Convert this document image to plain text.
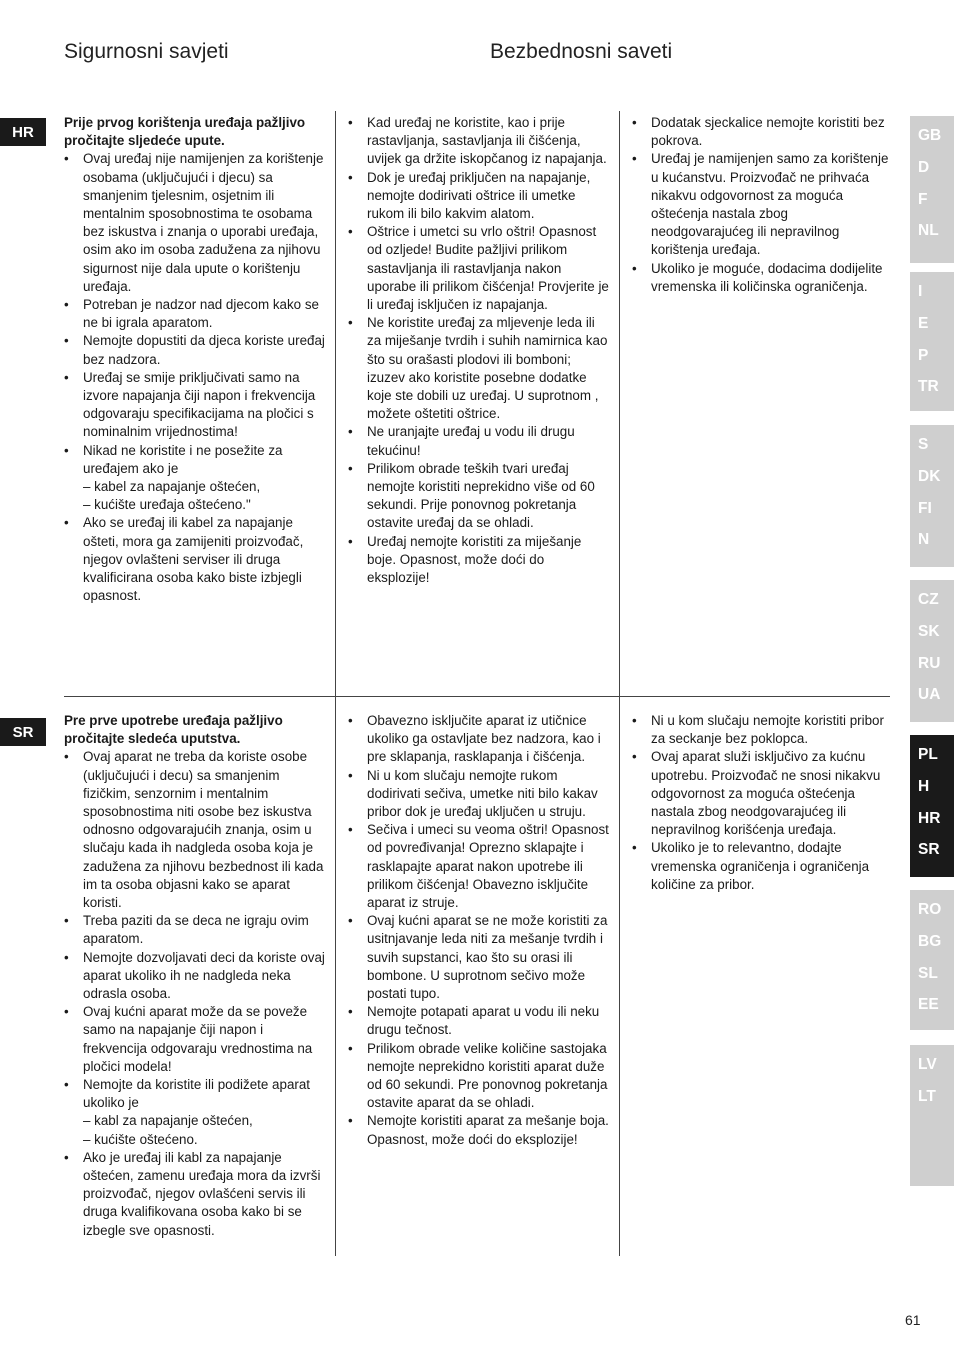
Sigurnosni savjeti	Bezbednosni saveti
HR

Prije prvog korištenja uređaja pažljivo pročitajte sljedeće upute.

• Ovaj uređaj nije namijenjen za korištenje osobama (uključujući i djecu) sa smanjenim tjelesnim, osjetnim ili mentalnim sposobnostima te osobama bez iskustva i znanja o uporabi uređaja, osim ako im osoba zadužena za njihovu sigurnost nije dala upute o korištenju uređaja.
• Potreban je nadzor nad djecom kako se ne bi igrala aparatom.
• Nemojte dopustiti da djeca koriste uređaj bez nadzora.
• Uređaj se smije priključivati samo na izvore napajanja čiji napon i frekvencija odgovaraju specifikacijama na pločici s nominalnim vrijednostima!
• Nikad ne koristite i ne posežite za uređajem ako je
– kabel za napajanje oštećen,
– kućište uređaja oštećeno."
• Ako se uređaj ili kabel za napajanje ošteti, mora ga zamijeniti proizvođač, njegov ovlašteni serviser ili druga kvalificirana osoba kako biste izbjegli opasnost.
• Kad uređaj ne koristite, kao i prije rastavljanja, sastavljanja ili čišćenja, uvijek ga držite iskopčanog iz napajanja.
• Dok je uređaj priključen na napajanje, nemojte dodirivati oštrice ili umetke rukom ili bilo kakvim alatom.
• Oštrice i umetci su vrlo oštri! Opasnost od ozljede! Budite pažljivi prilikom sastavljanja ili rastavljanja nakon uporabe ili prilikom čišćenja! Provjerite je li uređaj isključen iz napajanja.
• Ne koristite uređaj za mljevenje leda ili za miješanje tvrdih i suhih namirnica kao što su orašasti plodovi ili bomboni; izuzev ako koristite posebne dodatke koje ste dobili uz uređaj. U suprotnom , možete oštetiti oštrice.
• Ne uranjajte uređaj u vodu ili drugu tekućinu!
• Prilikom obrade teških tvari uređaj nemojte koristiti neprekidno više od 60 sekundi. Prije ponovnog pokretanja ostavite uređaj da se ohladi.
• Uređaj nemojte koristiti za miješanje boje. Opasnost, može doći do eksplozije!
• Dodatak sjeckalice nemojte koristiti bez pokrova.
• Uređaj je namijenjen samo za korištenje u kućanstvu. Proizvođač ne prihvaća nikakvu odgovornost za moguća oštećenja nastala zbog neodgovarajućeg ili nepravilnog korištenja uređaja.
• Ukoliko je moguće, dodacima dodijelite vremenska ili količinska ograničenja.
SR

Pre prve upotrebe uređaja pažljivo pročitajte sledeća uputstva.

• Ovaj aparat ne treba da koriste osobe (uključujući i decu) sa smanjenim fizičkim, senzornim i mentalnim sposobnostima niti osobe bez iskustva odnosno odgovarajućih znanja, osim u slučaju kada ih nadgleda osoba koja je zadužena za njihovu bezbednost ili kada im ta osoba objasni kako se aparat koristi.
• Treba paziti da se deca ne igraju ovim aparatom.
• Nemojte dozvoljavati deci da koriste ovaj aparat ukoliko ih ne nadgleda neka odrasla osoba.
• Ovaj kućni aparat može da se poveže samo na napajanje čiji napon i frekvencija odgovaraju vrednostima na pločici modela!
• Nemojte da koristite ili podižete aparat ukoliko je
– kabl za napajanje oštećen,
– kućište oštećeno.
• Ako je uređaj ili kabl za napajanje oštećen, zamenu uređaja mora da izvrši proizvođač, njegov ovlašćeni servis ili druga kvalifikovana osoba kako bi se izbegle sve opasnosti.
• Obavezno isključite aparat iz utičnice ukoliko ga ostavljate bez nadzora, kao i pre sklapanja, rasklapanja i čišćenja.
• Ni u kom slučaju nemojte rukom dodirivati sečiva, umetke niti bilo kakav pribor dok je uređaj uključen u struju.
• Sečiva i umeci su veoma oštri! Opasnost od povređivanja! Oprezno sklapajte i rasklapajte aparat nakon upotrebe ili prilikom čišćenja! Obavezno isključite aparat iz struje.
• Ovaj kućni aparat se ne može koristiti za usitnjavanje leda niti za mešanje tvrdih i suvih supstanci, kao što su orasi ili bombone. U suprotnom sečivo može postati tupo.
• Nemojte potapati aparat u vodu ili neku drugu tečnost.
• Prilikom obrade velike količine sastojaka nemojte neprekidno koristiti aparat duže od 60 sekundi. Pre ponovnog pokretanja ostavite aparat da se ohladi.
• Nemojte koristiti aparat za mešanje boja. Opasnost, može doći do eksplozije!
• Ni u kom slučaju nemojte koristiti pribor za seckanje bez poklopca.
• Ovaj aparat služi isključivo za kućnu upotrebu. Proizvođač ne snosi nikakvu odgovornost za moguća oštećenja nastala zbog neodgovarajućeg ili nepravilnog korišćenja uređaja.
• Ukoliko je to relevantno, dodajte vremenska ograničenja i ograničenja količine za pribor.
GB
D
F
NL
I
E
P
TR
S
DK
FI
N
CZ
SK
RU
UA
PL
H
HR
SR
RO
BG
SL
EE
LV
LT
61
